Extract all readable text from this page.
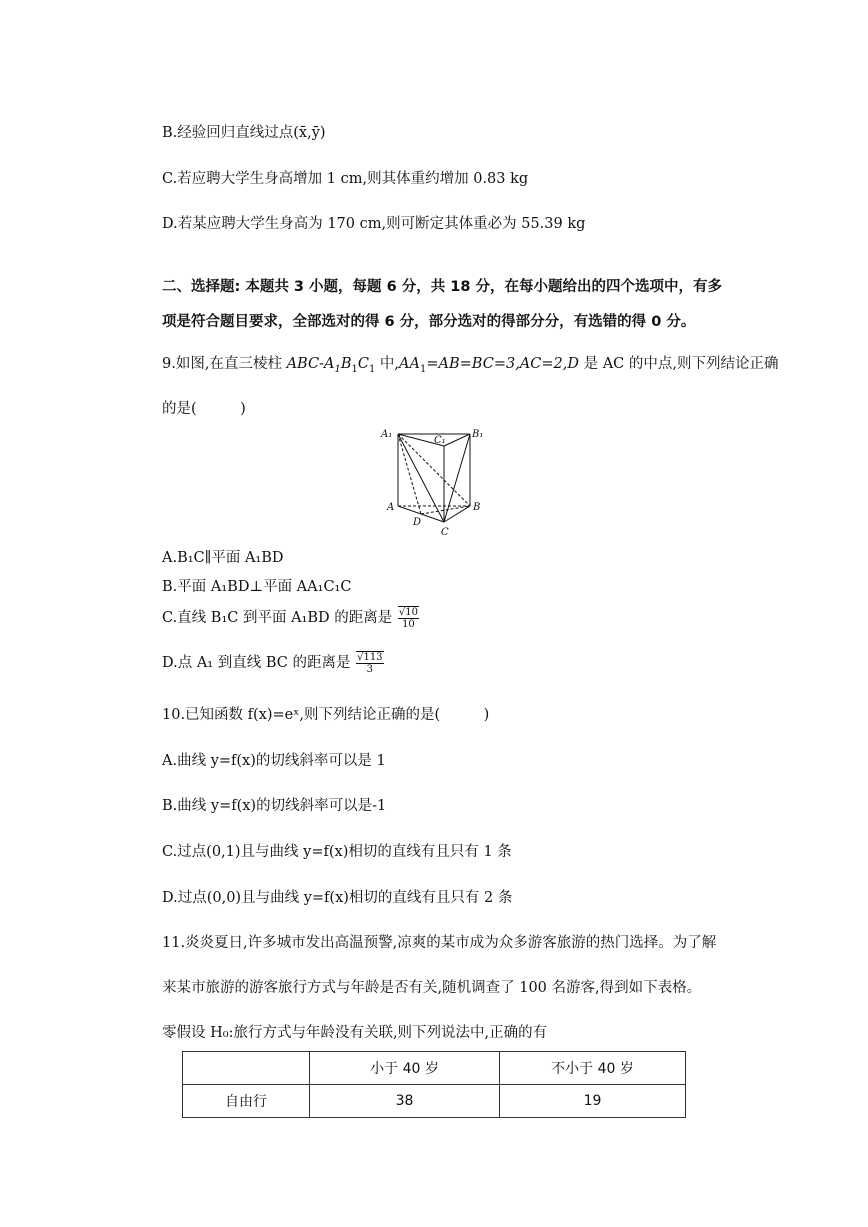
B.经验回归直线过点(x̄,ȳ)
C.若应聘大学生身高增加 1 cm,则其体重约增加 0.83 kg
D.若某应聘大学生身高为 170 cm,则可断定其体重必为 55.39 kg
二、选择题: 本题共 3 小题，每题 6 分，共 18 分，在每小题给出的四个选项中，有多
项是符合题目要求，全部选对的得 6 分，部分选对的得部分分，有选错的得 0 分。
9.如图,在直三棱柱 ABC-$A_1B_1C_1$ 中$,AA_1=AB=BC=3,AC=2,D$ 是 AC 的中点,则下列结论正确
的是(　　　)
A₁
C₁
B₁
A	B
D
C
A.B₁C∥平面 A₁BD
B.平面 A₁BD⊥平面 AA₁C₁C
C.直线 B₁C 到平面 A₁BD 的距离是 $\frac{√10}{10}$
D.点 A₁ 到直线 BC 的距离是 $\frac{√113}{3}$
10.已知函数 f(x)=eˣ,则下列结论正确的是(　　　)
A.曲线 y=f(x)的切线斜率可以是 1
B.曲线 y=f(x)的切线斜率可以是-1
C.过点(0,1)且与曲线 y=f(x)相切的直线有且只有 1 条
D.过点(0,0)且与曲线 y=f(x)相切的直线有且只有 2 条
11.炎炎夏日,许多城市发出高温预警,凉爽的某市成为众多游客旅游的热门选择。为了解
来某市旅游的游客旅行方式与年龄是否有关,随机调查了 100 名游客,得到如下表格。
零假设 H₀:旅行方式与年龄没有关联,则下列说法中,正确的有
	小于 40 岁	不小于 40 岁
自由行	38	19
